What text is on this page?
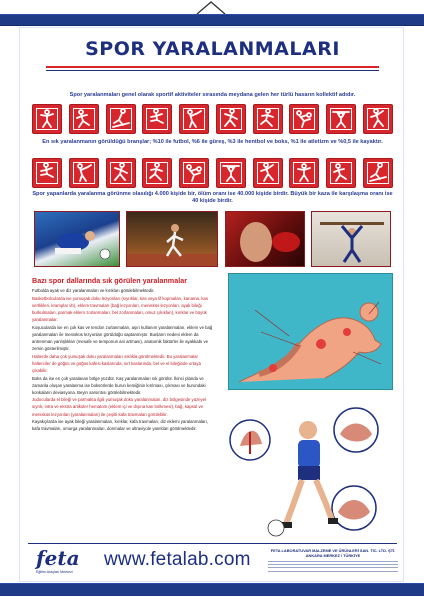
SPOR YARALANMALARI
Spor yaralanmaları genel olarak sportif aktiviteler sırasında meydana gelen her türlü hasarın kollektif adıdır.
En sık yaralanmanın görüldüğü branşlar; %10 ile futbol, %6 ile güreş, %3 ile hentbol ve boks, %1 ile atletizm ve %0,5 ile kayaktır.
Spor yapanlarda yaralanma görünme olasılığı 4.000 kişide bir, ölüm oranı ise 40.000 kişide birdir. Büyük bir kaza ile karşılaşma oranı ise 40 kişide birdir.
Bazı spor dallarında sık görülen yaralanmalar

Futbolda ayak ve diz yaralanmaları ve kırıkları görülebilmektedir.

Basketbolcularda ise yumuşak doku lezyonları (sıyrıklar, kas veya lif kopmaları, kanama, kas sertlikleri, kramplar vb), eklem travmaları (bağ lezyonları, menisküs lezyonları, ayak bileği burkulmaları, parmak eklem zorlanmaları, bel zorlanmaları, omuz çıkıkları), kırıklar ve büyük yaralanmalar.

Koşucularda ise en çok kas ve tendon zorlanmaları, aşırı kullanım yaralanmaları, eklem ve bağ yaralanmaları ile menisküs lezyonları görüldüğü saptanmıştır. Bunların nedeni eklem da antrenman yanlışlıkları (mesafe ve temponun ani artması), anatomik faktörler ile ayakkabı ve zemin gösterilmiştir.

Halterde daha çok yumuşak doku yaralanmaları sıklıkla görülmektedir. Bu yaralanmalar halterciler de göğüs ve göğüs kafesi kaslarında, sırt kaslarında, bel ve el bileğinde ortaya çıkabilir.

Boks da ise en çok yaralanan bölge yüzdür. Kaş yaralanmaları sık görülür. İkinci planda ve zamanla oluşan yaralanma ise boksörlerde burun kemiğinin kırılması, çıkması ve burundaki konkaların deviasyona. Beyin sarsıntısı görülebilmektedir.

Judocularda el bileği ve parmakta ilgili yumuşak doku yaralanmaları, diz bölgesinde yüzeyel sıyrık, intra ve ekstra artiküler hematom (eklem içi ve dışına kan birikmesi), bağ, kapsül ve menisküs lezyonları (yaralanmaları) ile çeşitli kafa travmaları görülebilir.

Kayakçılarda ise ayak bileği yaralanmaları, kırıklar, kafa travmaları, diz eklemi yaralanmaları, kafa travmaları, omurga yaralanmaları, donmalar ve ultraviyole yanıkları görülmektedir.

feta
Eğitim Araçları Merkezi
www.fetalab.com	FETA LABORATUVAR MALZEME VE ÜRÜNLERİ SAN. TİC. LTD. ŞTİ.
ANKARA MERKEZ / TÜRKİYE
